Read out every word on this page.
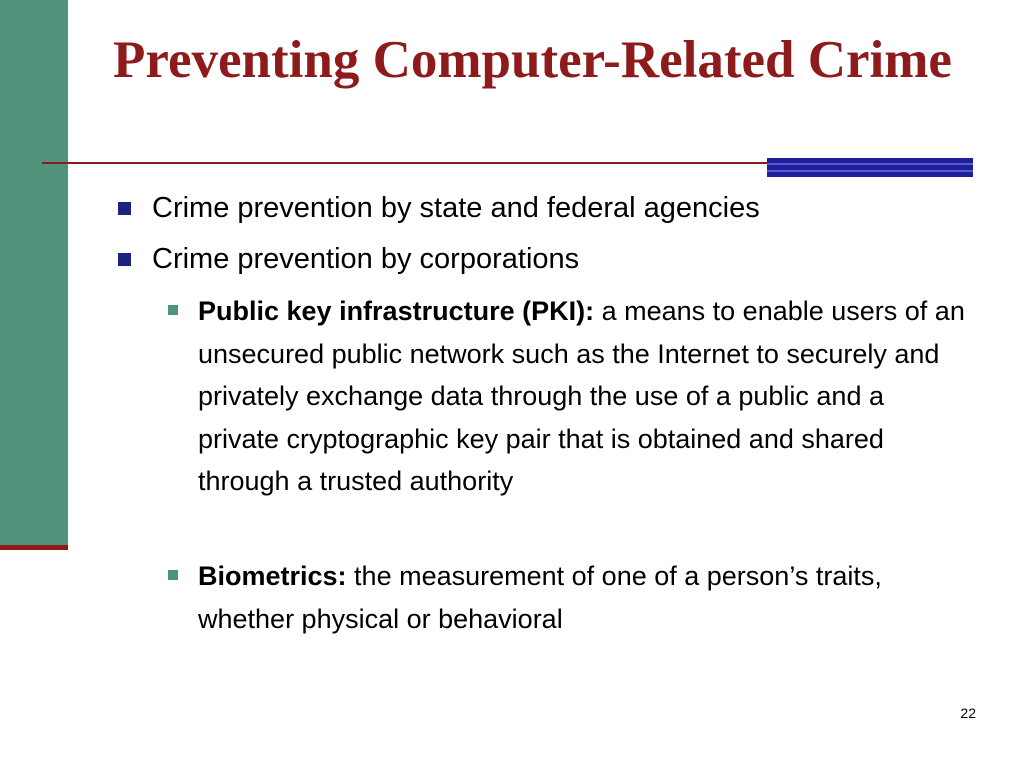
Preventing Computer-Related Crime
Crime prevention by state and federal agencies
Crime prevention by corporations
Public key infrastructure (PKI): a means to enable users of an unsecured public network such as the Internet to securely and privately exchange data through the use of a public and a private cryptographic key pair that is obtained and shared through a trusted authority
Biometrics: the measurement of one of a person’s traits, whether physical or behavioral
22
